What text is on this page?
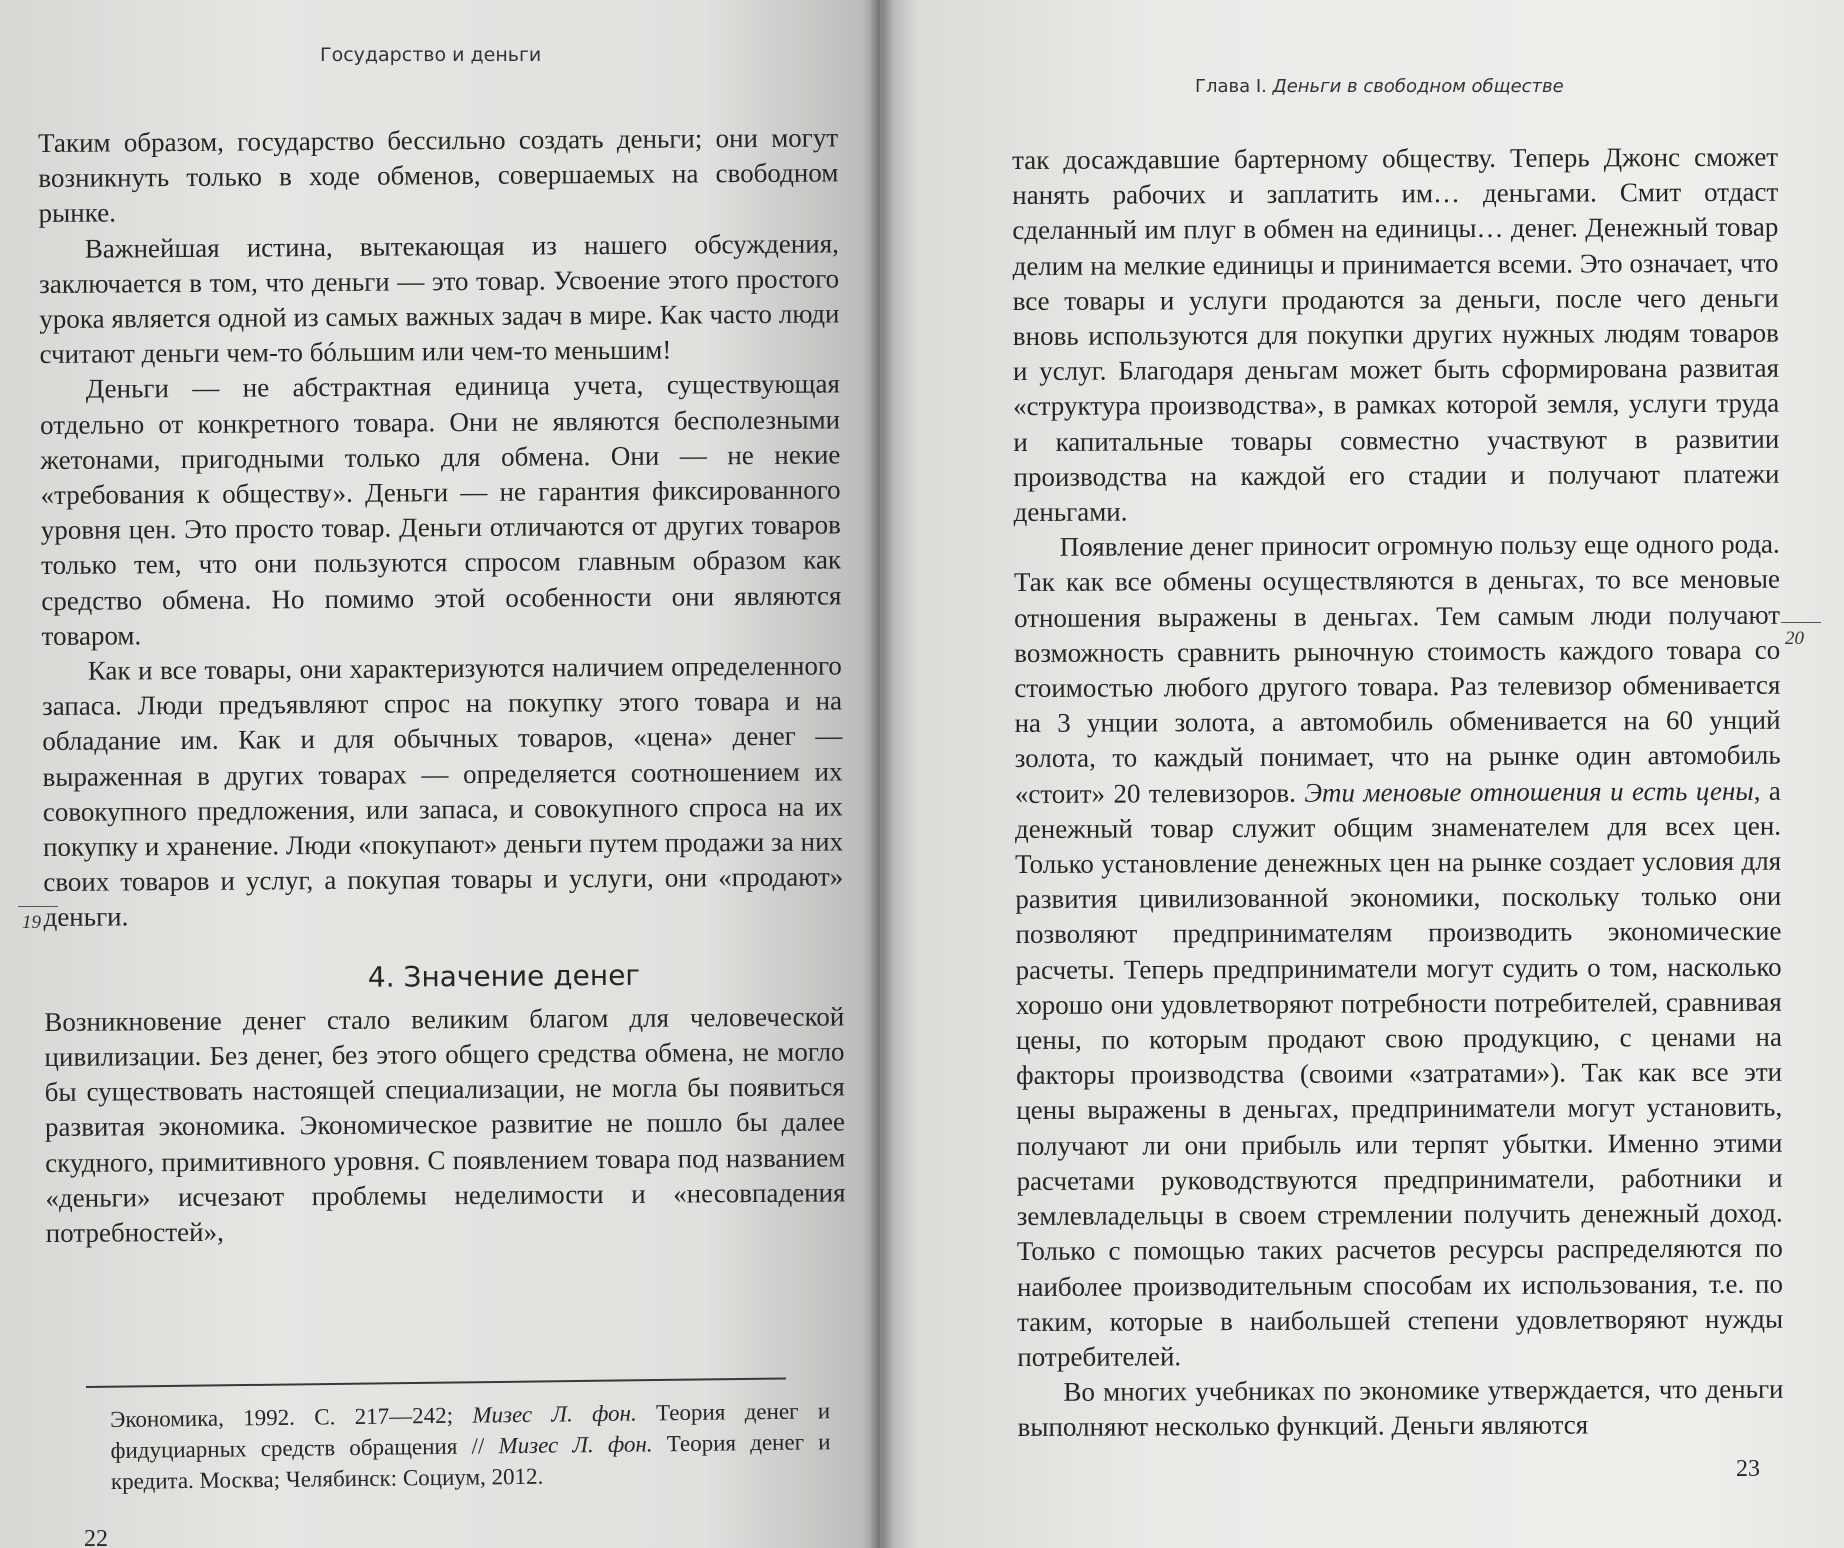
Государство и деньги

Таким образом, государство бессильно создать деньги; они могут возникнуть только в ходе обменов, совершаемых на свободном рынке.

Важнейшая истина, вытекающая из нашего обсуждения, заключается в том, что деньги — это товар. Усвоение этого простого урока является одной из самых важных задач в мире. Как часто люди считают деньги чем-то бóльшим или чем-то меньшим!

Деньги — не абстрактная единица учета, существующая отдельно от конкретного товара. Они не являются бесполезными жетонами, пригодными только для обмена. Они — не некие «требования к обществу». Деньги — не гарантия фиксированного уровня цен. Это просто товар. Деньги отличаются от других товаров только тем, что они пользуются спросом главным образом как средство обмена. Но помимо этой особенности они являются товаром.

Как и все товары, они характеризуются наличием определенного запаса. Люди предъявляют спрос на покупку этого товара и на обладание им. Как и для обычных товаров, «цена» денег — выраженная в других товарах — определяется соотношением их совокупного предложения, или запаса, и совокупного спроса на их покупку и хранение. Люди «покупают» деньги путем продажи за них своих товаров и услуг, а покупая товары и услуги, они «продают» деньги.

4. Значение денег

Возникновение денег стало великим благом для человеческой цивилизации. Без денег, без этого общего средства обмена, не могло бы существовать настоящей специализации, не могла бы появиться развитая экономика. Экономическое развитие не пошло бы далее скудного, примитивного уровня. С появлением товара под названием «деньги» исчезают проблемы неделимости и «несовпадения потребностей»,

Экономика, 1992. С. 217—242; Мизес Л. фон. Теория денег и фидуциарных средств обращения // Мизес Л. фон. Теория денег и кредита. Москва; Челябинск: Социум, 2012.

19
22
Глава I. Деньги в свободном обществе

так досаждавшие бартерному обществу. Теперь Джонс сможет нанять рабочих и заплатить им… деньгами. Смит отдаст сделанный им плуг в обмен на единицы… денег. Денежный товар делим на мелкие единицы и принимается всеми. Это означает, что все товары и услуги продаются за деньги, после чего деньги вновь используются для покупки других нужных людям товаров и услуг. Благодаря деньгам может быть сформирована развитая «структура производства», в рамках которой земля, услуги труда и капитальные товары совместно участвуют в развитии производства на каждой его стадии и получают платежи деньгами.

Появление денег приносит огромную пользу еще одного рода. Так как все обмены осуществляются в деньгах, то все меновые отношения выражены в деньгах. Тем самым люди получают возможность сравнить рыночную стоимость каждого товара со стоимостью любого другого товара. Раз телевизор обменивается на 3 унции золота, а автомобиль обменивается на 60 унций золота, то каждый понимает, что на рынке один автомобиль «стоит» 20 телевизоров. Эти меновые отношения и есть цены, а денежный товар служит общим знаменателем для всех цен. Только установление денежных цен на рынке создает условия для развития цивилизованной экономики, поскольку только они позволяют предпринимателям производить экономические расчеты. Теперь предприниматели могут судить о том, насколько хорошо они удовлетворяют потребности потребителей, сравнивая цены, по которым продают свою продукцию, с ценами на факторы производства (своими «затратами»). Так как все эти цены выражены в деньгах, предприниматели могут установить, получают ли они прибыль или терпят убытки. Именно этими расчетами руководствуются предприниматели, работники и землевладельцы в своем стремлении получить денежный доход. Только с помощью таких расчетов ресурсы распределяются по наиболее производительным способам их использования, т.е. по таким, которые в наибольшей степени удовлетворяют нужды потребителей.

Во многих учебниках по экономике утверждается, что деньги выполняют несколько функций. Деньги являются

20
23
